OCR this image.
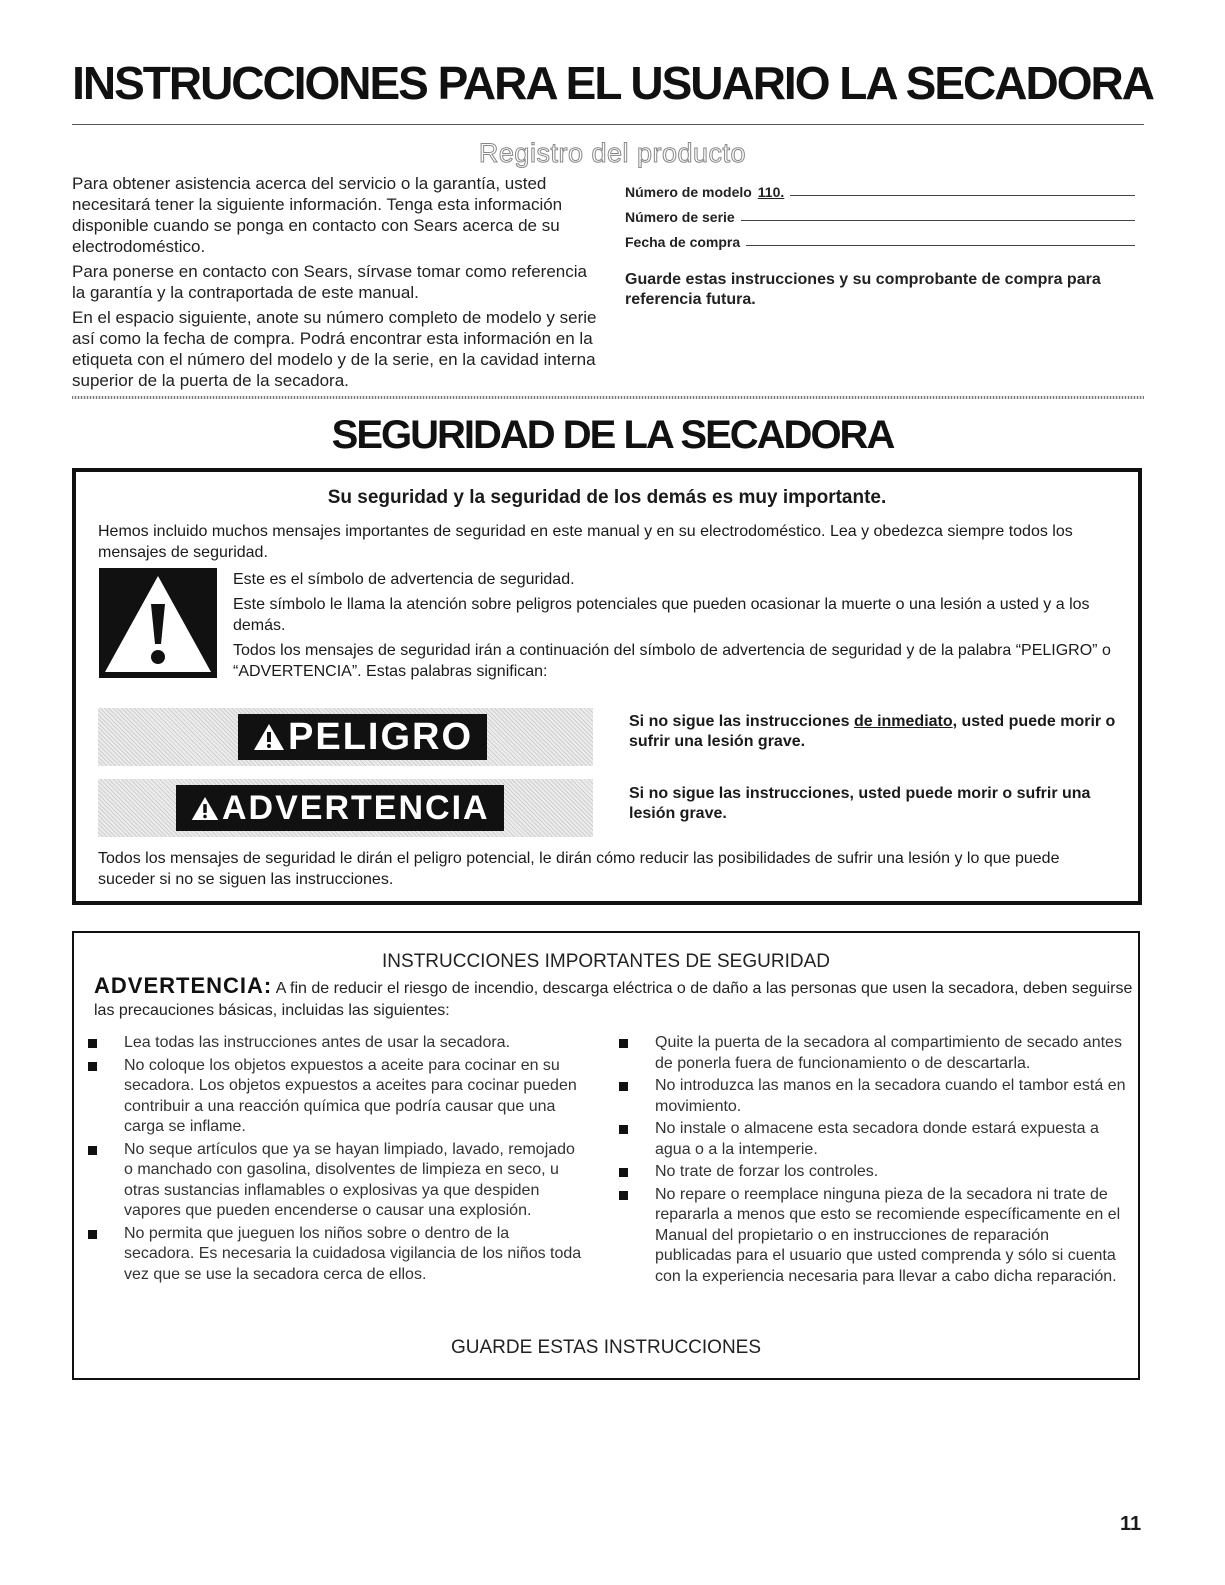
INSTRUCCIONES PARA EL USUARIO LA SECADORA
Registro del producto

Para obtener asistencia acerca del servicio o la garantía, usted necesitará tener la siguiente información. Tenga esta información disponible cuando se ponga en contacto con Sears acerca de su electrodoméstico.

Para ponerse en contacto con Sears, sírvase tomar como referencia la garantía y la contraportada de este manual.

En el espacio siguiente, anote su número completo de modelo y serie así como la fecha de compra. Podrá encontrar esta información en la etiqueta con el número del modelo y de la serie, en la cavidad interna superior de la puerta de la secadora.

Número de modelo 110.
Número de serie
Fecha de compra
Guarde estas instrucciones y su comprobante de compra para referencia futura.
SEGURIDAD DE LA SECADORA
Su seguridad y la seguridad de los demás es muy importante.
Hemos incluido muchos mensajes importantes de seguridad en este manual y en su electrodoméstico. Lea y obedezca siempre todos los mensajes de seguridad.

Este es el símbolo de advertencia de seguridad.

Este símbolo le llama la atención sobre peligros potenciales que pueden ocasionar la muerte o una lesión a usted y a los demás.

Todos los mensajes de seguridad irán a continuación del símbolo de advertencia de seguridad y de la palabra “PELIGRO” o “ADVERTENCIA”. Estas palabras significan:

PELIGRO	Si no sigue las instrucciones de inmediato, usted puede morir o sufrir una lesión grave.
ADVERTENCIA	Si no sigue las instrucciones, usted puede morir o sufrir una lesión grave.
Todos los mensajes de seguridad le dirán el peligro potencial, le dirán cómo reducir las posibilidades de sufrir una lesión y lo que puede suceder si no se siguen las instrucciones.
INSTRUCCIONES IMPORTANTES DE SEGURIDAD
ADVERTENCIA: A fin de reducir el riesgo de incendio, descarga eléctrica o de daño a las personas que usen la secadora, deben seguirse las precauciones básicas, incluidas las siguientes:
Lea todas las instrucciones antes de usar la secadora.
No coloque los objetos expuestos a aceite para cocinar en su secadora. Los objetos expuestos a aceites para cocinar pueden contribuir a una reacción química que podría causar que una carga se inflame.
No seque artículos que ya se hayan limpiado, lavado, remojado o manchado con gasolina, disolventes de limpieza en seco, u otras sustancias inflamables o explosivas ya que despiden vapores que pueden encenderse o causar una explosión.
No permita que jueguen los niños sobre o dentro de la secadora. Es necesaria la cuidadosa vigilancia de los niños toda vez que se use la secadora cerca de ellos.
Quite la puerta de la secadora al compartimiento de secado antes de ponerla fuera de funcionamiento o de descartarla.
No introduzca las manos en la secadora cuando el tambor está en movimiento.
No instale o almacene esta secadora donde estará expuesta a agua o a la intemperie.
No trate de forzar los controles.
No repare o reemplace ninguna pieza de la secadora ni trate de repararla a menos que esto se recomiende específicamente en el Manual del propietario o en instrucciones de reparación publicadas para el usuario que usted comprenda y sólo si cuenta con la experiencia necesaria para llevar a cabo dicha reparación.
GUARDE ESTAS INSTRUCCIONES
11
